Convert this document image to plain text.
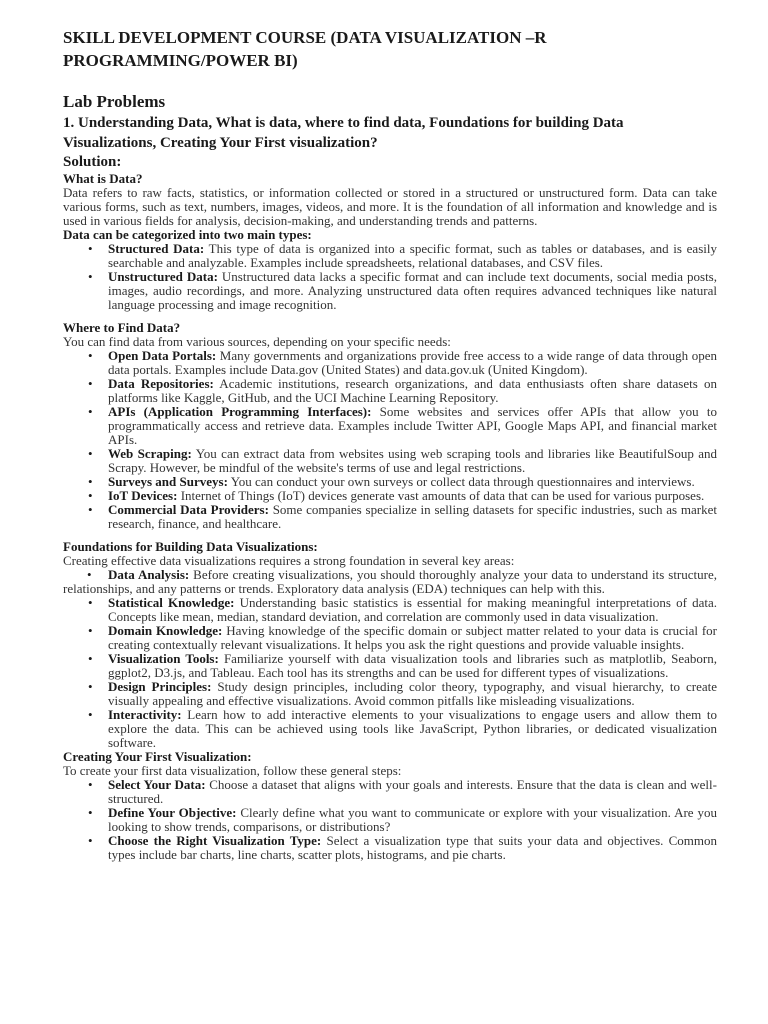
SKILL DEVELOPMENT COURSE (DATA VISUALIZATION –R PROGRAMMING/POWER BI)
Lab Problems

1. Understanding Data, What is data, where to find data, Foundations for building Data Visualizations, Creating Your First visualization?

Solution:

What is Data?

Data refers to raw facts, statistics, or information collected or stored in a structured or unstructured form. Data can take various forms, such as text, numbers, images, videos, and more. It is the foundation of all information and knowledge and is used in various fields for analysis, decision-making, and understanding trends and patterns.

Data can be categorized into two main types:

• Structured Data: This type of data is organized into a specific format, such as tables or databases, and is easily searchable and analyzable. Examples include spreadsheets, relational databases, and CSV files.
• Unstructured Data: Unstructured data lacks a specific format and can include text documents, social media posts, images, audio recordings, and more. Analyzing unstructured data often requires advanced techniques like natural language processing and image recognition.

Where to Find Data?

You can find data from various sources, depending on your specific needs:

• Open Data Portals: Many governments and organizations provide free access to a wide range of data through open data portals. Examples include Data.gov (United States) and data.gov.uk (United Kingdom).
• Data Repositories: Academic institutions, research organizations, and data enthusiasts often share datasets on platforms like Kaggle, GitHub, and the UCI Machine Learning Repository.
• APIs (Application Programming Interfaces): Some websites and services offer APIs that allow you to programmatically access and retrieve data. Examples include Twitter API, Google Maps API, and financial market APIs.
• Web Scraping: You can extract data from websites using web scraping tools and libraries like BeautifulSoup and Scrapy. However, be mindful of the website's terms of use and legal restrictions.
• Surveys and Surveys: You can conduct your own surveys or collect data through questionnaires and interviews.
• IoT Devices: Internet of Things (IoT) devices generate vast amounts of data that can be used for various purposes.
• Commercial Data Providers: Some companies specialize in selling datasets for specific industries, such as market research, finance, and healthcare.

Foundations for Building Data Visualizations:

Creating effective data visualizations requires a strong foundation in several key areas:

• Data Analysis: Before creating visualizations, you should thoroughly analyze your data to understand its structure, relationships, and any patterns or trends. Exploratory data analysis (EDA) techniques can help with this.
• Statistical Knowledge: Understanding basic statistics is essential for making meaningful interpretations of data. Concepts like mean, median, standard deviation, and correlation are commonly used in data visualization.
• Domain Knowledge: Having knowledge of the specific domain or subject matter related to your data is crucial for creating contextually relevant visualizations. It helps you ask the right questions and provide valuable insights.
• Visualization Tools: Familiarize yourself with data visualization tools and libraries such as matplotlib, Seaborn, ggplot2, D3.js, and Tableau. Each tool has its strengths and can be used for different types of visualizations.
• Design Principles: Study design principles, including color theory, typography, and visual hierarchy, to create visually appealing and effective visualizations. Avoid common pitfalls like misleading visualizations.
• Interactivity: Learn how to add interactive elements to your visualizations to engage users and allow them to explore the data. This can be achieved using tools like JavaScript, Python libraries, or dedicated visualization software.

Creating Your First Visualization:

To create your first data visualization, follow these general steps:

• Select Your Data: Choose a dataset that aligns with your goals and interests. Ensure that the data is clean and well-structured.
• Define Your Objective: Clearly define what you want to communicate or explore with your visualization. Are you looking to show trends, comparisons, or distributions?
• Choose the Right Visualization Type: Select a visualization type that suits your data and objectives. Common types include bar charts, line charts, scatter plots, histograms, and pie charts.
